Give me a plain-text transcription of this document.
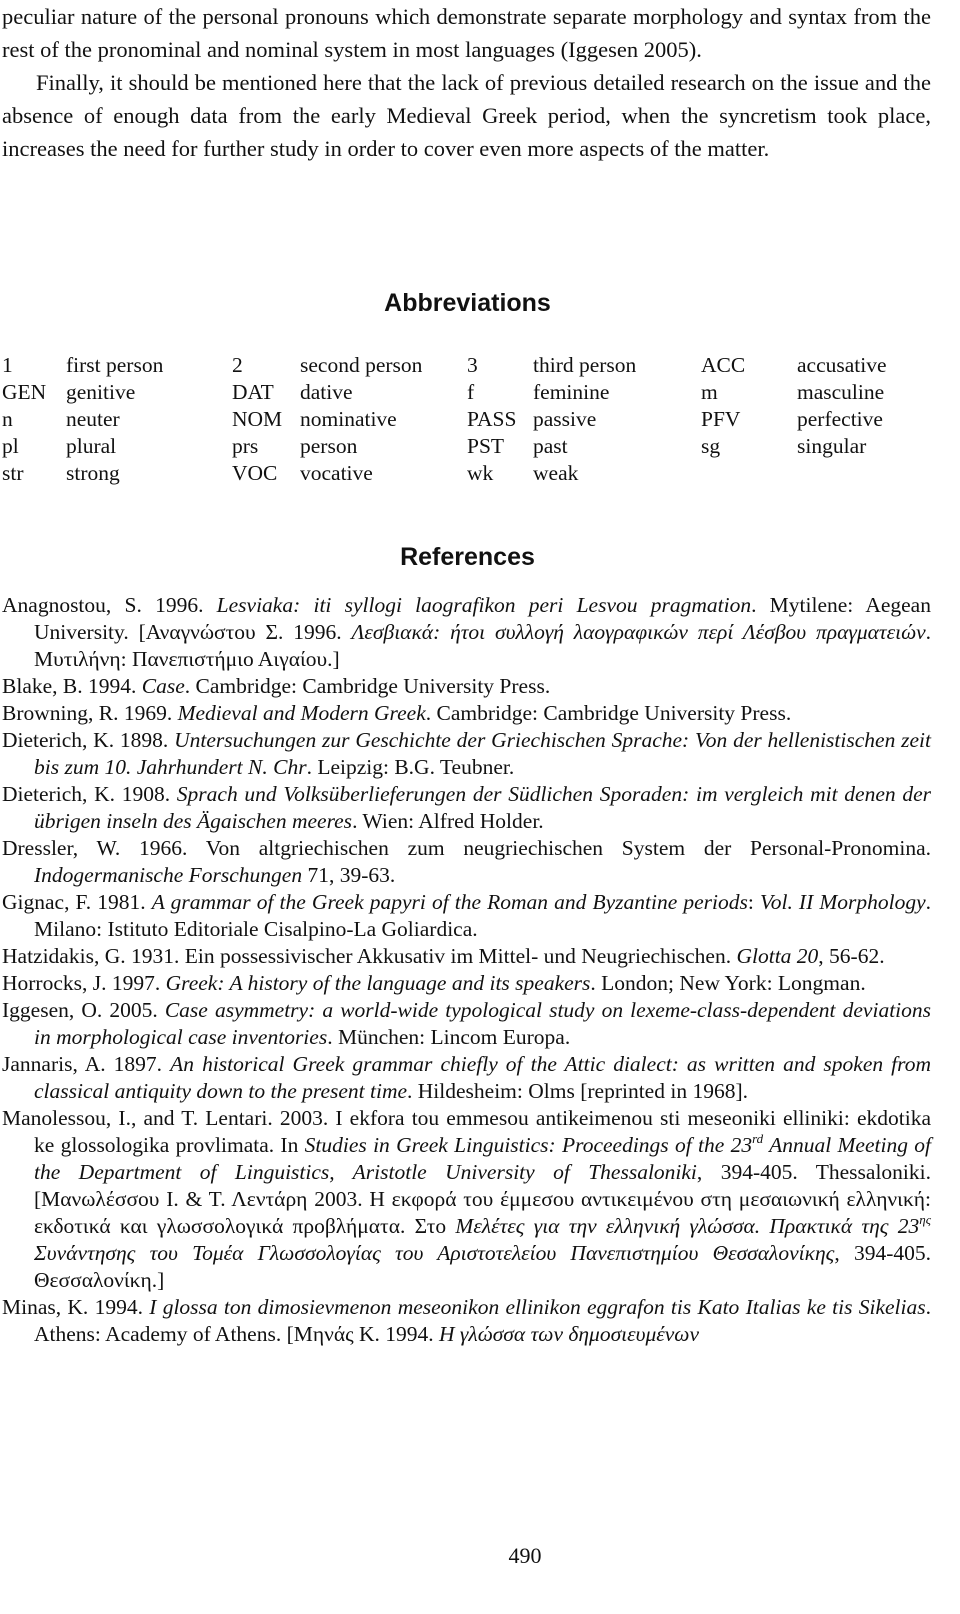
peculiar nature of the personal pronouns which demonstrate separate morphology and syntax from the rest of the pronominal and nominal system in most languages (Iggesen 2005).

Finally, it should be mentioned here that the lack of previous detailed research on the issue and the absence of enough data from the early Medieval Greek period, when the syncretism took place, increases the need for further study in order to cover even more aspects of the matter.

Abbreviations
1	first person	2	second person	3	third person	ACC	accusative
GEN	genitive	DAT	dative	f	feminine	m	masculine
n	neuter	NOM	nominative	PASS	passive	PFV	perfective
pl	plural	prs	person	PST	past	sg	singular
str	strong	VOC	vocative	wk	weak		
References

Anagnostou, S. 1996. Lesviaka: iti syllogi laografikon peri Lesvou pragmation. Mytilene: Aegean University. [Αναγνώστου Σ. 1996. Λεσβιακά: ήτοι συλλογή λαογραφικών περί Λέσβου πραγματειών. Μυτιλήνη: Πανεπιστήμιο Αιγαίου.]

Blake, B. 1994. Case. Cambridge: Cambridge University Press.

Browning, R. 1969. Medieval and Modern Greek. Cambridge: Cambridge University Press.

Dieterich, K. 1898. Untersuchungen zur Geschichte der Griechischen Sprache: Von der hellenistischen zeit bis zum 10. Jahrhundert N. Chr. Leipzig: B.G. Teubner.

Dieterich, K. 1908. Sprach und Volksüberlieferungen der Südlichen Sporaden: im vergleich mit denen der übrigen inseln des Ägaischen meeres. Wien: Alfred Holder.

Dressler, W. 1966. Von altgriechischen zum neugriechischen System der Personal-Pronomina. Indogermanische Forschungen 71, 39-63.

Gignac, F. 1981. A grammar of the Greek papyri of the Roman and Byzantine periods: Vol. II Morphology. Milano: Istituto Editoriale Cisalpino-La Goliardica.

Hatzidakis, G. 1931. Ein possessivischer Akkusativ im Mittel- und Neugriechischen. Glotta 20, 56-62.

Horrocks, J. 1997. Greek: A history of the language and its speakers. London; New York: Longman.

Iggesen, O. 2005. Case asymmetry: a world-wide typological study on lexeme-class-dependent deviations in morphological case inventories. München: Lincom Europa.

Jannaris, A. 1897. An historical Greek grammar chiefly of the Attic dialect: as written and spoken from classical antiquity down to the present time. Hildesheim: Olms [reprinted in 1968].

Manolessou, I., and T. Lentari. 2003. I ekfora tou emmesou antikeimenou sti meseoniki elliniki: ekdotika ke glossologika provlimata. In Studies in Greek Linguistics: Proceedings of the 23rd Annual Meeting of the Department of Linguistics, Aristotle University of Thessaloniki, 394-405. Thessaloniki. [Μανωλέσσου Ι. & Τ. Λεντάρη 2003. Η εκφορά του έμμεσου αντικειμένου στη μεσαιωνική ελληνική: εκδοτικά και γλωσσολογικά προβλήματα. Στο Μελέτες για την ελληνική γλώσσα. Πρακτικά της $23^{\eta\varsigma}$ Συνάντησης του Τομέα Γλωσσολογίας του Αριστοτελείου Πανεπιστημίου Θεσσαλονίκης, 394-405. Θεσσαλονίκη.]

Minas, K. 1994. I glossa ton dimosievmenon meseonikon ellinikon eggrafon tis Kato Italias ke tis Sikelias. Athens: Academy of Athens. [Μηνάς Κ. 1994. Η γλώσσα των δημοσιευμένων

490
